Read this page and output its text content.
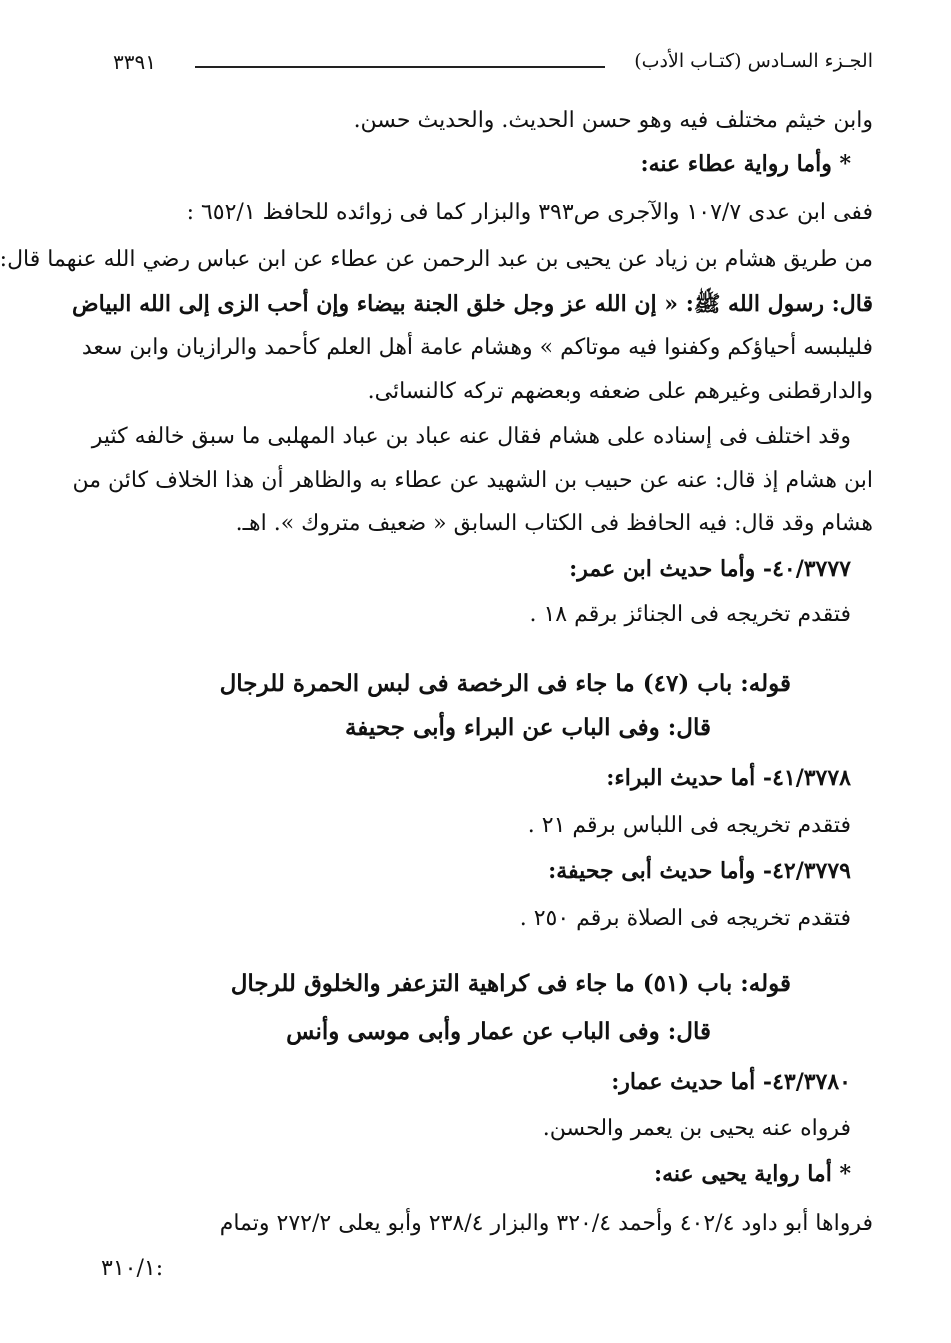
الجـزء السـادس (كتـاب الأدب)
٣٣٩١
وابن خيثم مختلف فيه وهو حسن الحديث. والحديث حسن.
* وأما رواية عطاء عنه:
ففى ابن عدى ١٠٧/٧ والآجرى ص٣٩٣ والبزار كما فى زوائده للحافظ ٦٥٢/١ :
من طريق هشام بن زياد عن يحيى بن عبد الرحمن عن عطاء عن ابن عباس رضي الله عنهما قال:
قال: رسول الله ﷺ: « إن الله عز وجل خلق الجنة بيضاء وإن أحب الزى إلى الله البياض
فليلبسه أحياؤكم وكفنوا فيه موتاكم » وهشام عامة أهل العلم كأحمد والرازيان وابن سعد
والدارقطنى وغيرهم على ضعفه وبعضهم تركه كالنسائى.
وقد اختلف فى إسناده على هشام فقال عنه عباد بن عباد المهلبى ما سبق خالفه كثير
ابن هشام إذ قال: عنه عن حبيب بن الشهيد عن عطاء به والظاهر أن هذا الخلاف كائن من
هشام وقد قال: فيه الحافظ فى الكتاب السابق « ضعيف متروك ». اهـ.
٤٠/٣٧٧٧- وأما حديث ابن عمر:
فتقدم تخريجه فى الجنائز برقم ١٨ .
قوله: باب (٤٧) ما جاء فى الرخصة فى لبس الحمرة للرجال
قال: وفى الباب عن البراء وأبى جحيفة
٤١/٣٧٧٨- أما حديث البراء:
فتقدم تخريجه فى اللباس برقم ٢١ .
٤٢/٣٧٧٩- وأما حديث أبى جحيفة:
فتقدم تخريجه فى الصلاة برقم ٢٥٠ .
قوله: باب (٥١) ما جاء فى كراهية التزعفر والخلوق للرجال
قال: وفى الباب عن عمار وأبى موسى وأنس
٤٣/٣٧٨٠- أما حديث عمار:
فرواه عنه يحيى بن يعمر والحسن.
* أما رواية يحيى عنه:
فرواها أبو داود ٤٠٢/٤ وأحمد ٣٢٠/٤ والبزار ٢٣٨/٤ وأبو يعلى ٢٧٢/٢ وتمام
:٣١٠/١
